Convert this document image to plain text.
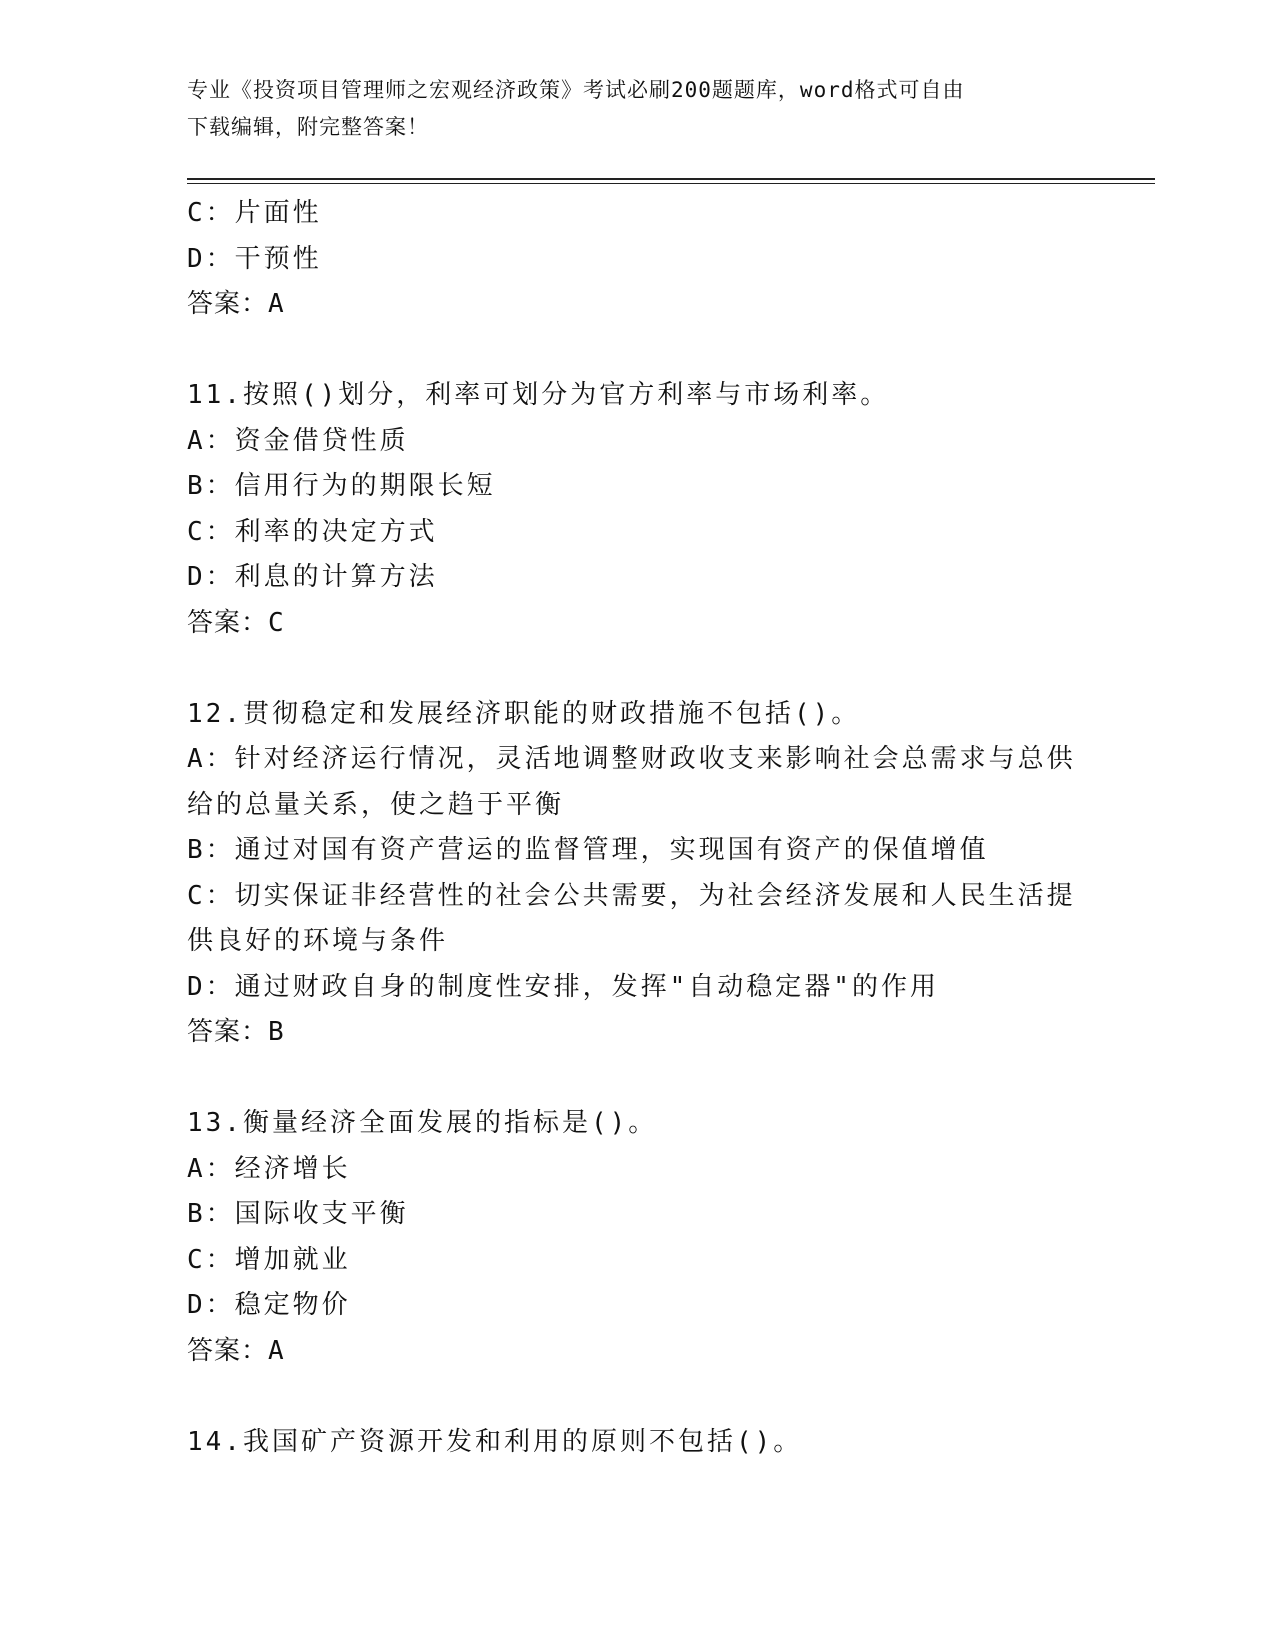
专业《投资项目管理师之宏观经济政策》考试必刷200题题库，word格式可自由
下载编辑，附完整答案！
C：片面性
D：干预性
答案：A
11.按照()划分，利率可划分为官方利率与市场利率。
A：资金借贷性质
B：信用行为的期限长短
C：利率的决定方式
D：利息的计算方法
答案：C
12.贯彻稳定和发展经济职能的财政措施不包括()。
A：针对经济运行情况，灵活地调整财政收支来影响社会总需求与总供
给的总量关系，使之趋于平衡
B：通过对国有资产营运的监督管理，实现国有资产的保值增值
C：切实保证非经营性的社会公共需要，为社会经济发展和人民生活提
供良好的环境与条件
D：通过财政自身的制度性安排，发挥"自动稳定器"的作用
答案：B
13.衡量经济全面发展的指标是()。
A：经济增长
B：国际收支平衡
C：增加就业
D：稳定物价
答案：A
14.我国矿产资源开发和利用的原则不包括()。
